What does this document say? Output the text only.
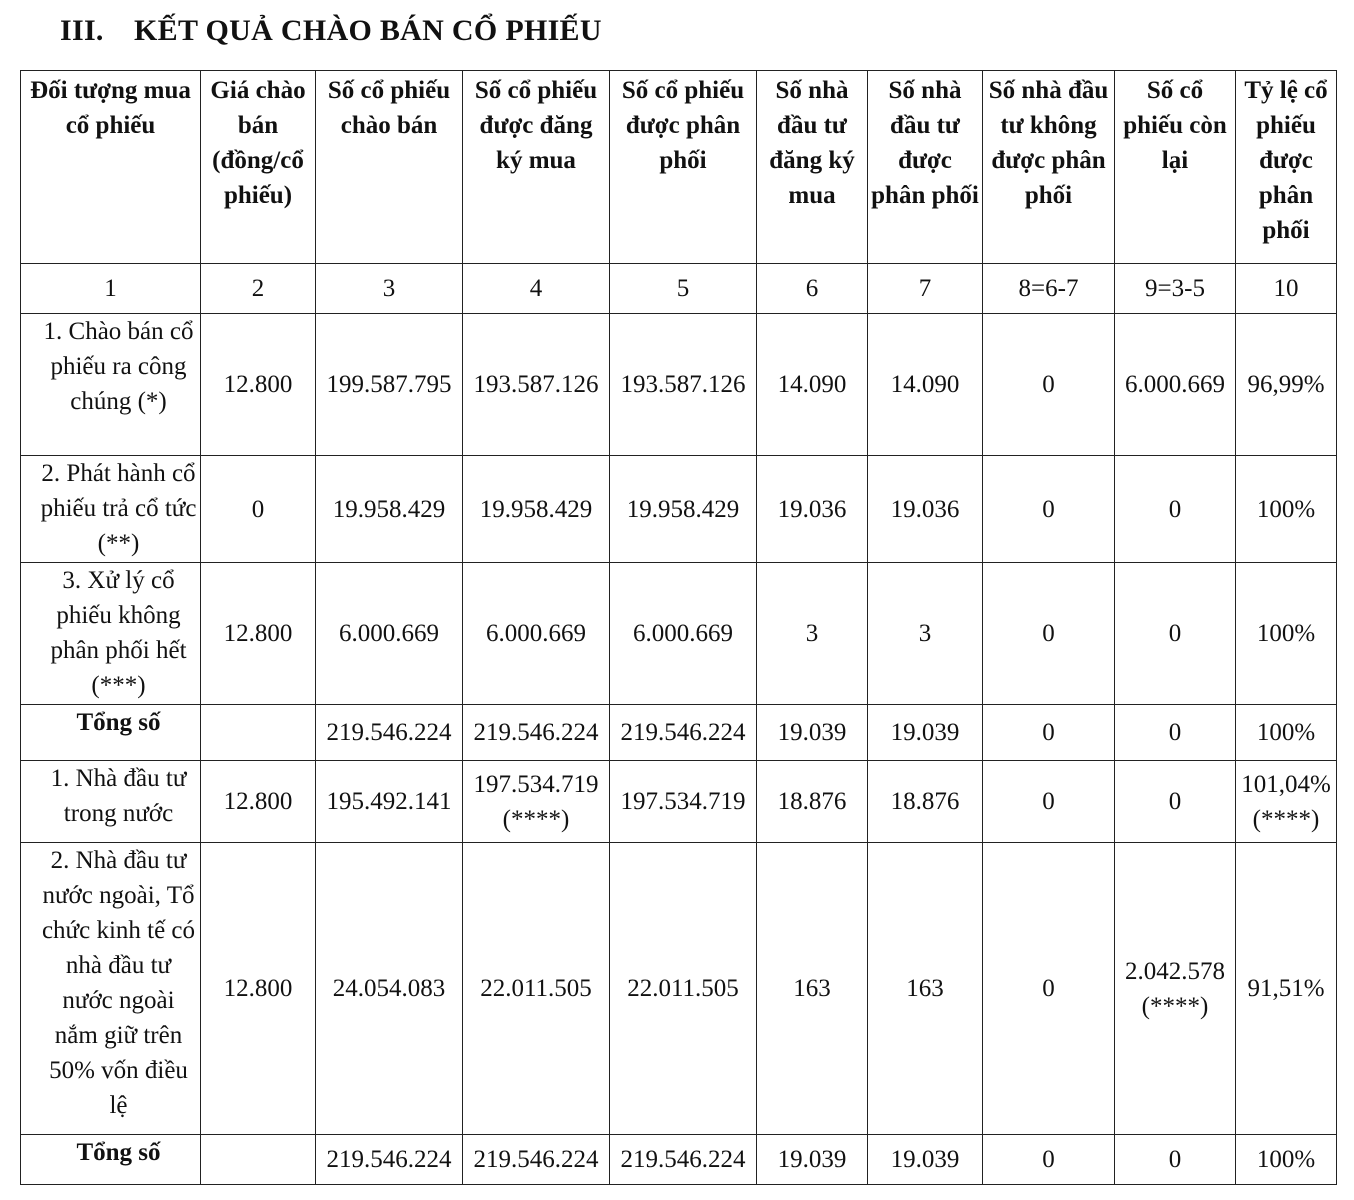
III. KẾT QUẢ CHÀO BÁN CỔ PHIẾU
Đối tượng mua cổ phiếu	Giá chào bán (đồng/cổ phiếu)	Số cổ phiếu chào bán	Số cổ phiếu được đăng ký mua	Số cổ phiếu được phân phối	Số nhà đầu tư đăng ký mua	Số nhà đầu tư được phân phối	Số nhà đầu tư không được phân phối	Số cổ phiếu còn lại	Tỷ lệ cổ phiếu được phân phối
1	2	3	4	5	6	7	8=6-7	9=3-5	10
1. Chào bán cổ phiếu ra công chúng (*)	12.800	199.587.795	193.587.126	193.587.126	14.090	14.090	0	6.000.669	96,99%
2. Phát hành cổ phiếu trả cổ tức (**)	0	19.958.429	19.958.429	19.958.429	19.036	19.036	0	0	100%
3. Xử lý cổ phiếu không phân phối hết (***)	12.800	6.000.669	6.000.669	6.000.669	3	3	0	0	100%
Tổng số		219.546.224	219.546.224	219.546.224	19.039	19.039	0	0	100%
1. Nhà đầu tư trong nước	12.800	195.492.141	197.534.719 (****)	197.534.719	18.876	18.876	0	0	101,04% (****)
2. Nhà đầu tư nước ngoài, Tổ chức kinh tế có nhà đầu tư nước ngoài nắm giữ trên 50% vốn điều lệ	12.800	24.054.083	22.011.505	22.011.505	163	163	0	2.042.578 (****)	91,51%
Tổng số		219.546.224	219.546.224	219.546.224	19.039	19.039	0	0	100%
